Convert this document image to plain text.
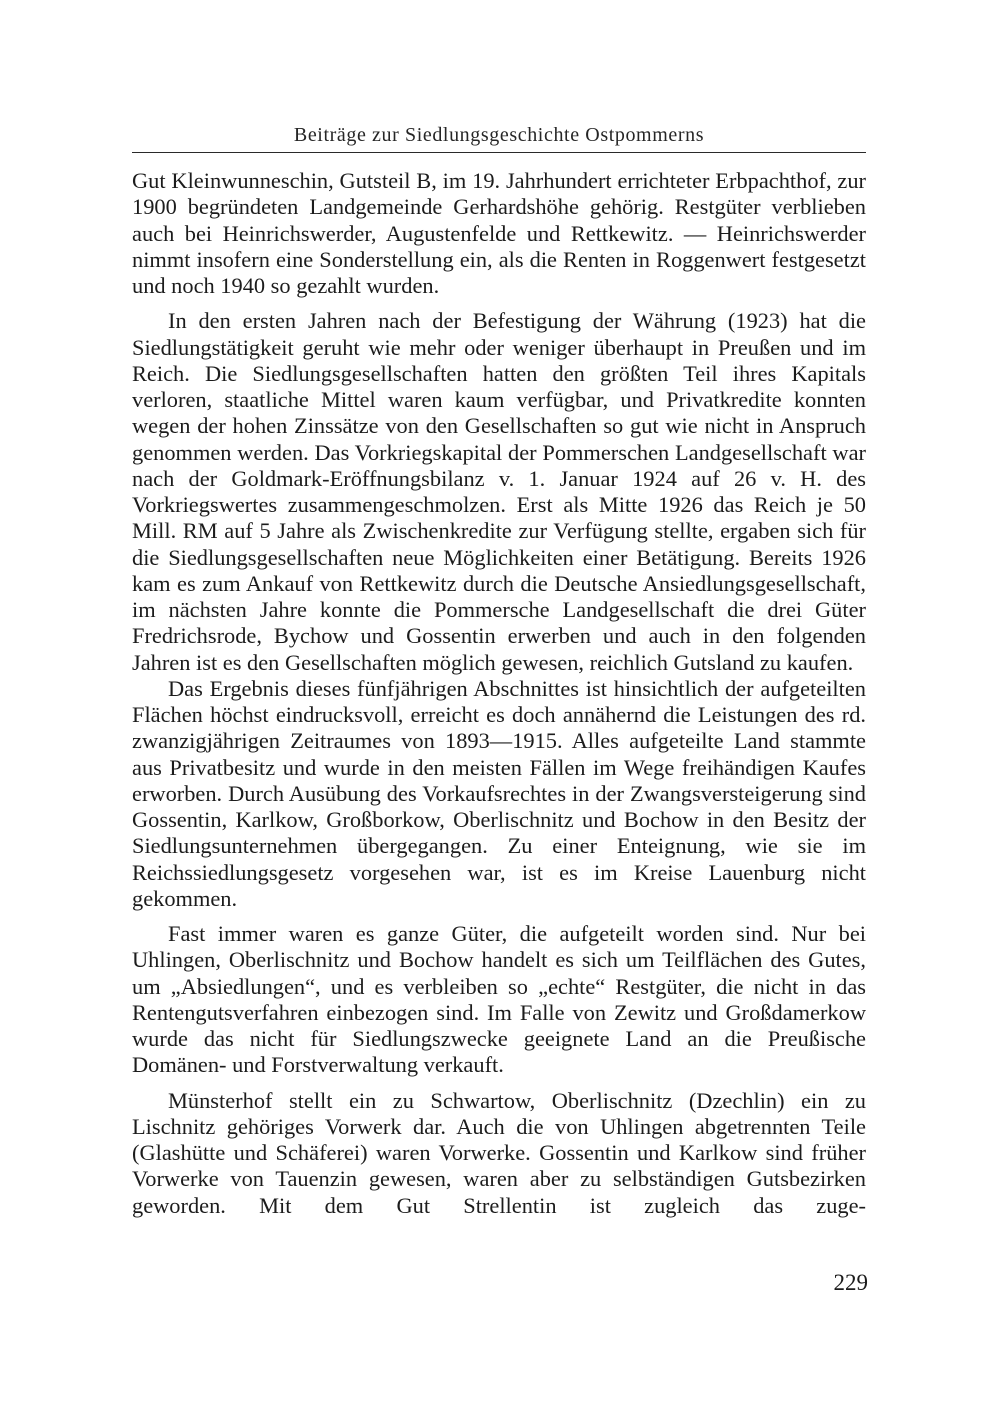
Beiträge zur Siedlungsgeschichte Ostpommerns

Gut Kleinwunneschin, Gutsteil B, im 19. Jahrhundert errichteter Erbpachthof, zur 1900 begründeten Landgemeinde Gerhardshöhe gehörig. Restgüter verblieben auch bei Heinrichswerder, Augustenfelde und Rettkewitz. — Heinrichswerder nimmt insofern eine Sonderstellung ein, als die Renten in Roggenwert festgesetzt und noch 1940 so gezahlt wurden.

In den ersten Jahren nach der Befestigung der Währung (1923) hat die Siedlungstätigkeit geruht wie mehr oder weniger überhaupt in Preußen und im Reich. Die Siedlungsgesellschaften hatten den größten Teil ihres Kapitals verloren, staatliche Mittel waren kaum verfügbar, und Privatkredite konnten wegen der hohen Zinssätze von den Gesellschaften so gut wie nicht in Anspruch genommen werden. Das Vorkriegskapital der Pommerschen Landgesellschaft war nach der Goldmark-Eröffnungsbilanz v. 1. Januar 1924 auf 26 v. H. des Vorkriegswertes zusammengeschmolzen. Erst als Mitte 1926 das Reich je 50 Mill. RM auf 5 Jahre als Zwischenkredite zur Verfügung stellte, ergaben sich für die Siedlungsgesellschaften neue Möglichkeiten einer Betätigung. Bereits 1926 kam es zum Ankauf von Rettkewitz durch die Deutsche Ansiedlungsgesellschaft, im nächsten Jahre konnte die Pommersche Landgesellschaft die drei Güter Fredrichsrode, Bychow und Gossentin erwerben und auch in den folgenden Jahren ist es den Gesellschaften möglich gewesen, reichlich Gutsland zu kaufen.

Das Ergebnis dieses fünfjährigen Abschnittes ist hinsichtlich der aufgeteilten Flächen höchst eindrucksvoll, erreicht es doch annähernd die Leistungen des rd. zwanzigjährigen Zeitraumes von 1893—1915. Alles aufgeteilte Land stammte aus Privatbesitz und wurde in den meisten Fällen im Wege freihändigen Kaufes erworben. Durch Ausübung des Vorkaufsrechtes in der Zwangsversteigerung sind Gossentin, Karlkow, Großborkow, Oberlischnitz und Bochow in den Besitz der Siedlungsunternehmen übergegangen. Zu einer Enteignung, wie sie im Reichssiedlungsgesetz vorgesehen war, ist es im Kreise Lauenburg nicht gekommen.

Fast immer waren es ganze Güter, die aufgeteilt worden sind. Nur bei Uhlingen, Oberlischnitz und Bochow handelt es sich um Teilflächen des Gutes, um „Absiedlungen“, und es verbleiben so „echte“ Restgüter, die nicht in das Rentengutsverfahren einbezogen sind. Im Falle von Zewitz und Großdamerkow wurde das nicht für Siedlungszwecke geeignete Land an die Preußische Domänen- und Forstverwaltung verkauft.

Münsterhof stellt ein zu Schwartow, Oberlischnitz (Dzechlin) ein zu Lischnitz gehöriges Vorwerk dar. Auch die von Uhlingen abgetrennten Teile (Glashütte und Schäferei) waren Vorwerke. Gossentin und Karlkow sind früher Vorwerke von Tauenzin gewesen, waren aber zu selbständigen Gutsbezirken geworden. Mit dem Gut Strellentin ist zugleich das zuge-

229
